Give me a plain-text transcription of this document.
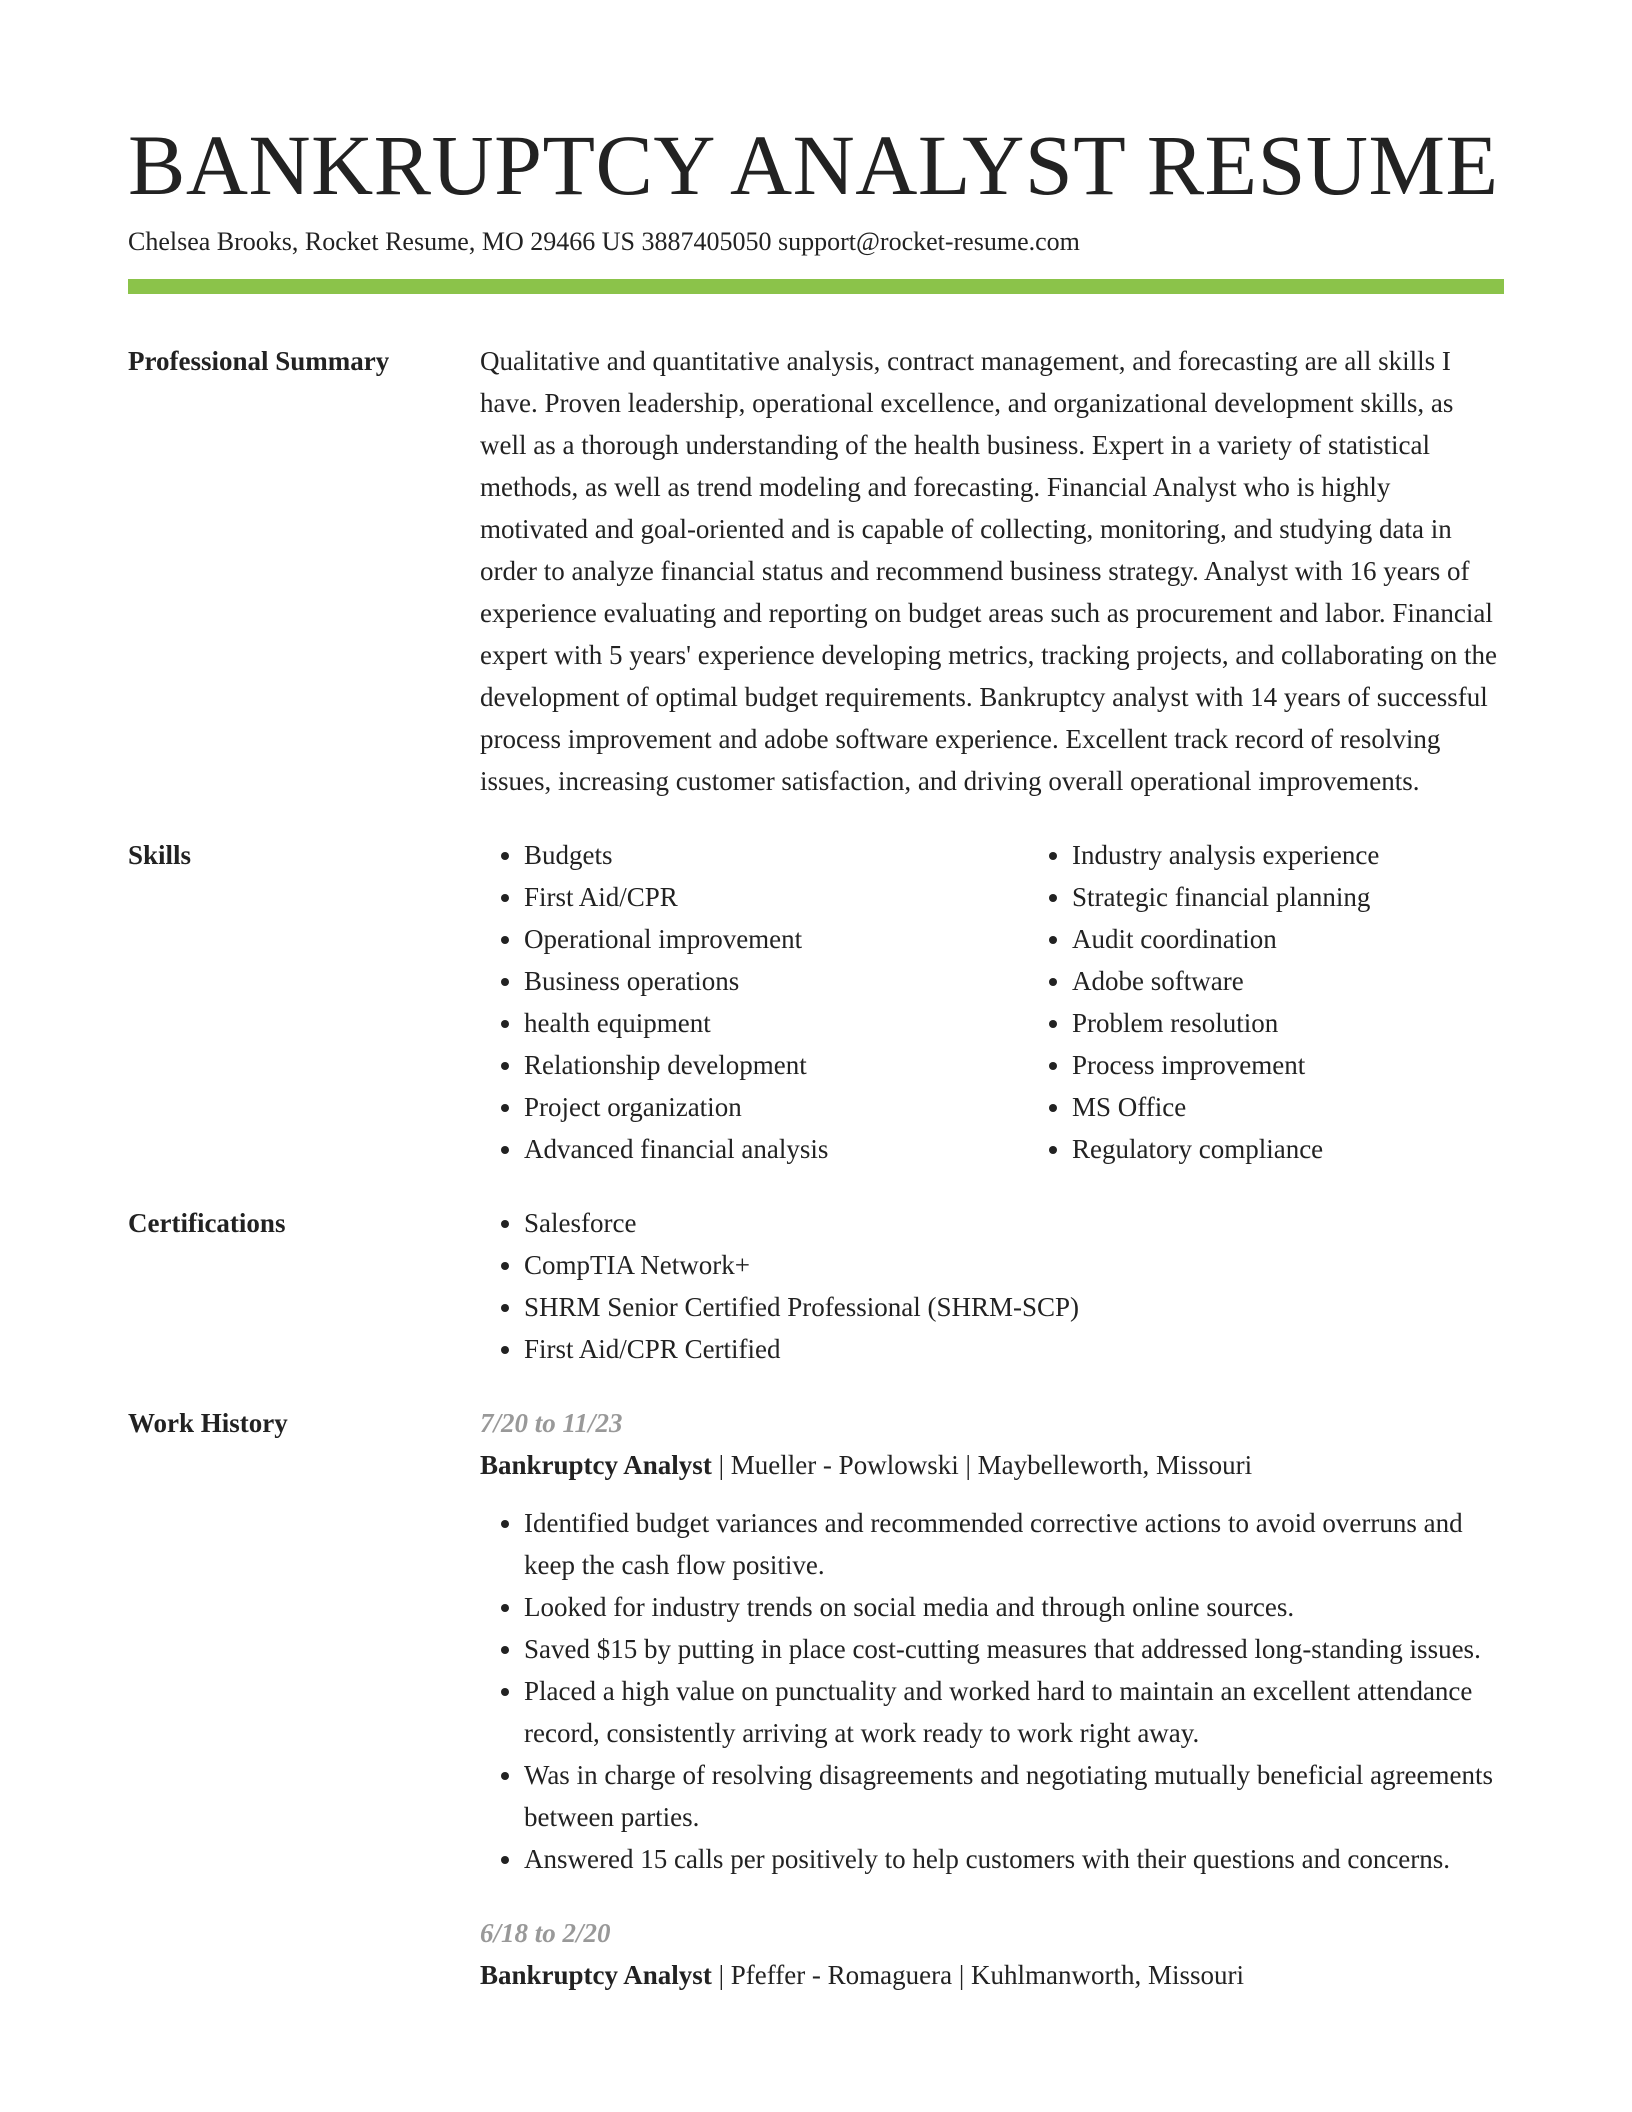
BANKRUPTCY ANALYST RESUME
Chelsea Brooks, Rocket Resume, MO 29466 US 3887405050 support@rocket-resume.com
Professional Summary	Qualitative and quantitative analysis, contract management, and forecasting are all skills I have. Proven leadership, operational excellence, and organizational development skills, as well as a thorough understanding of the health business. Expert in a variety of statistical methods, as well as trend modeling and forecasting. Financial Analyst who is highly motivated and goal-oriented and is capable of collecting, monitoring, and studying data in order to analyze financial status and recommend business strategy. Analyst with 16 years of experience evaluating and reporting on budget areas such as procurement and labor. Financial expert with 5 years' experience developing metrics, tracking projects, and collaborating on the development of optimal budget requirements. Bankruptcy analyst with 14 years of successful process improvement and adobe software experience. Excellent track record of resolving issues, increasing customer satisfaction, and driving overall operational improvements.

Skills	• Budgets
• First Aid/CPR
• Operational improvement
• Business operations
• health equipment
• Relationship development
• Project organization
• Advanced financial analysis
• Industry analysis experience
• Strategic financial planning
• Audit coordination
• Adobe software
• Problem resolution
• Process improvement
• MS Office
• Regulatory compliance
Certifications	• Salesforce
• CompTIA Network+
• SHRM Senior Certified Professional (SHRM-SCP)
• First Aid/CPR Certified
Work History	7/20 to 11/23
Bankruptcy Analyst | Mueller - Powlowski | Maybelleworth, Missouri
• Identified budget variances and recommended corrective actions to avoid overruns and keep the cash flow positive.
• Looked for industry trends on social media and through online sources.
• Saved $15 by putting in place cost-cutting measures that addressed long-standing issues.
• Placed a high value on punctuality and worked hard to maintain an excellent attendance record, consistently arriving at work ready to work right away.
• Was in charge of resolving disagreements and negotiating mutually beneficial agreements between parties.
• Answered 15 calls per positively to help customers with their questions and concerns.
6/18 to 2/20
Bankruptcy Analyst | Pfeffer - Romaguera | Kuhlmanworth, Missouri
